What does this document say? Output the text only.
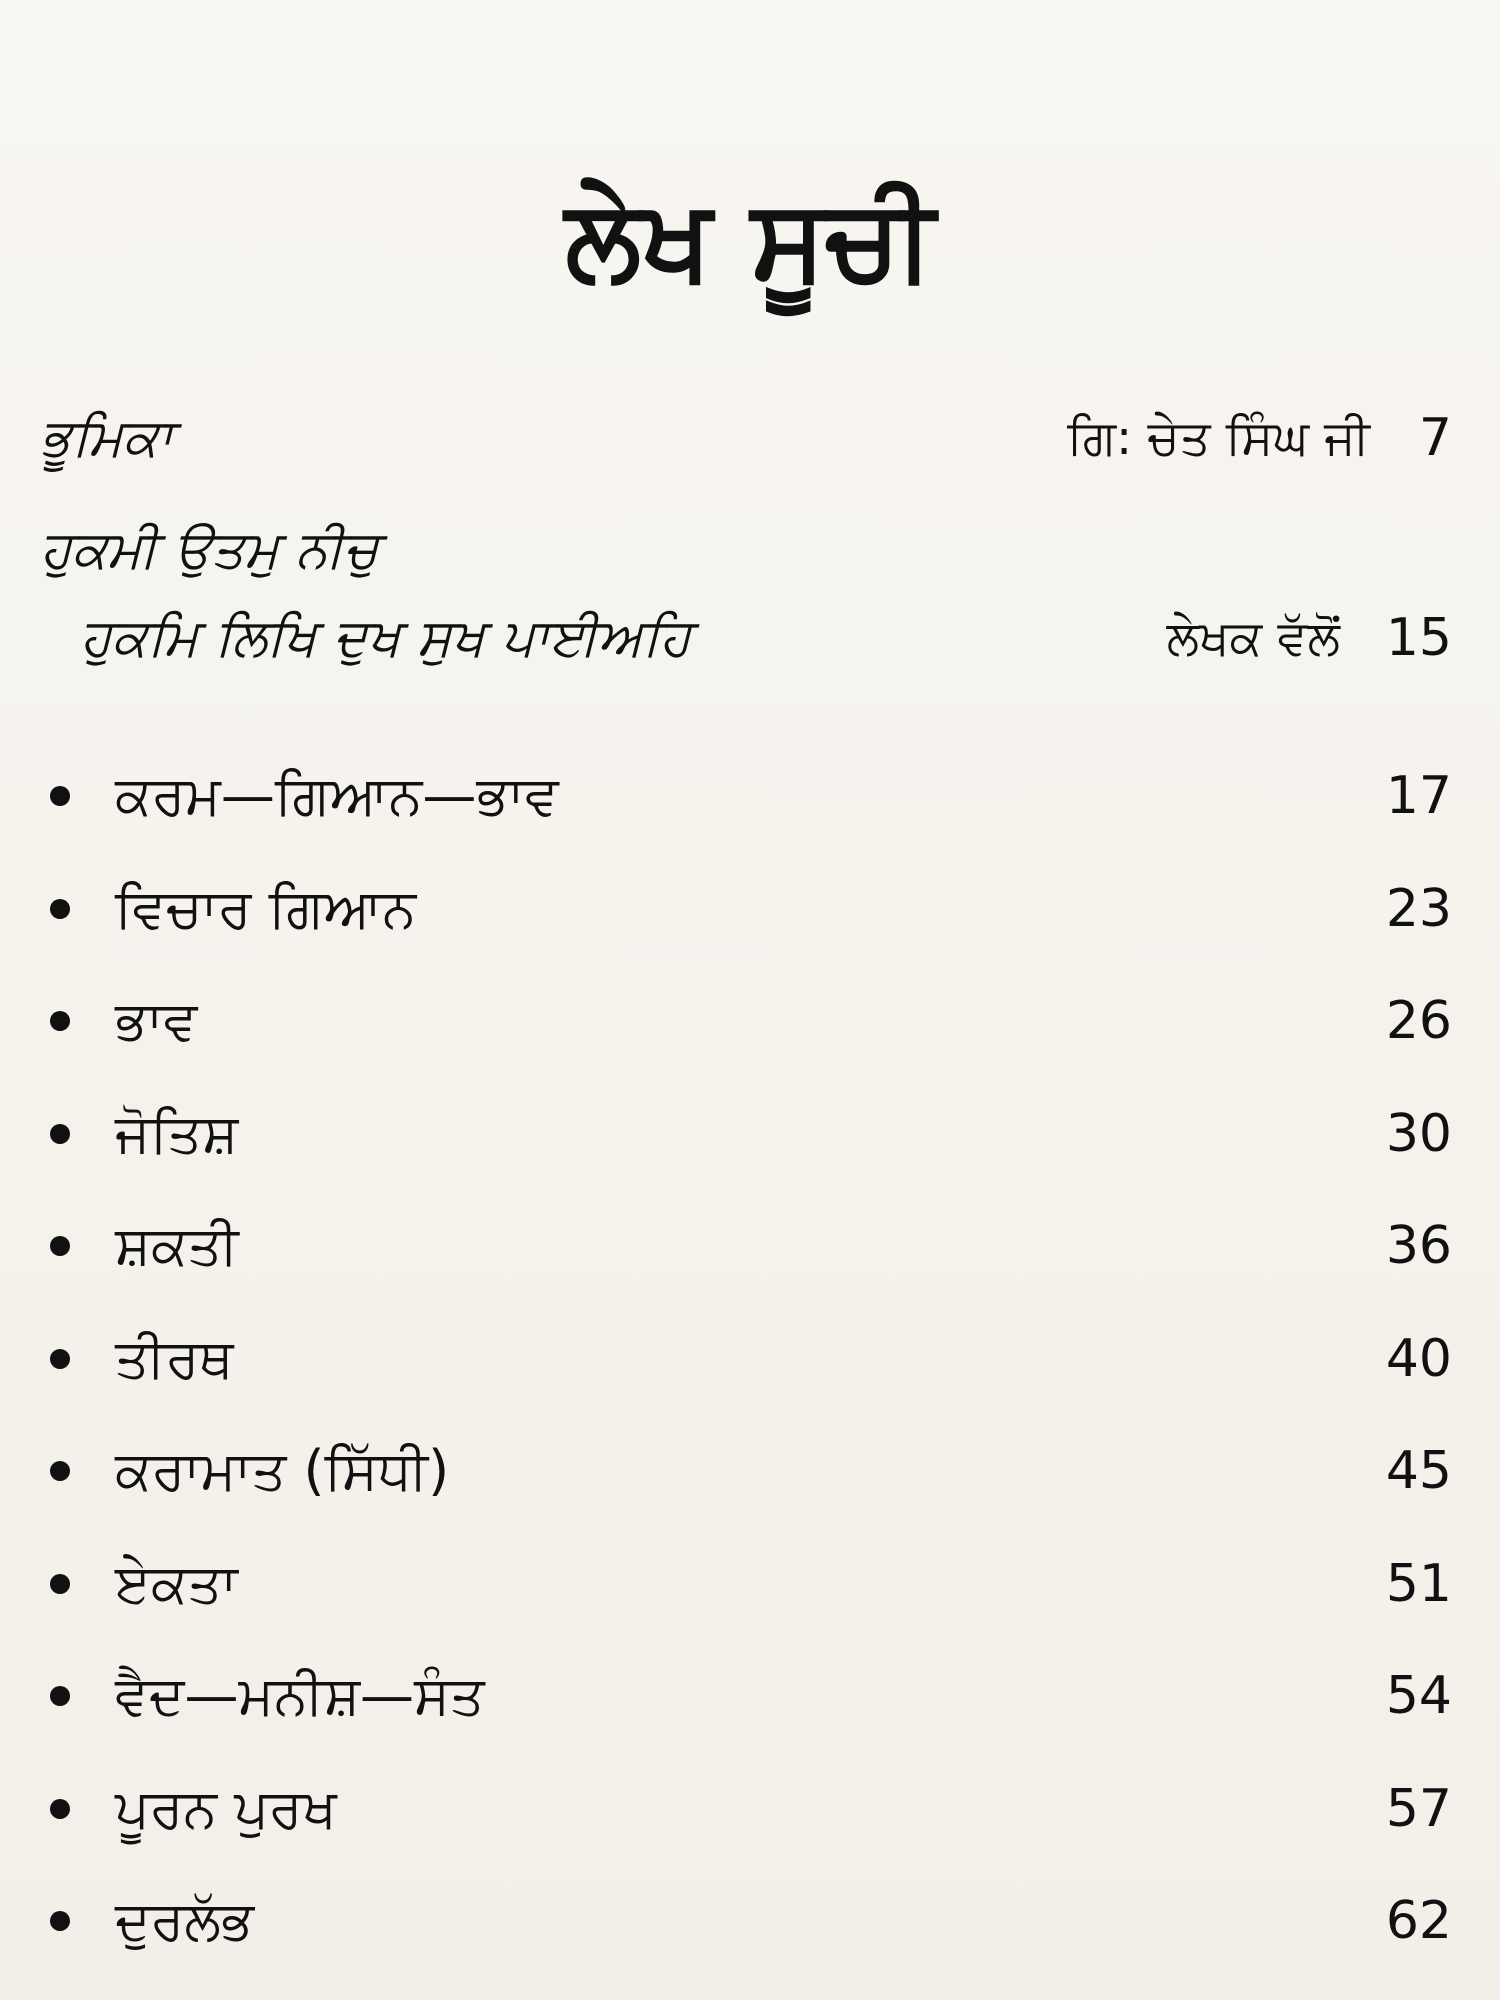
ਲੇਖ ਸੂਚੀ
ਭੂਮਿਕਾ	ਗਿ: ਚੇਤ ਸਿੰਘ ਜੀ 7
ਹੁਕਮੀ ਉਤਮੁ ਨੀਚੁ
ਹੁਕਮਿ ਲਿਖਿ ਦੁਖ ਸੁਖ ਪਾਈਅਹਿ	ਲੇਖਕ ਵੱਲੋਂ 15
ਕਰਮ—ਗਿਆਨ—ਭਾਵ	17
ਵਿਚਾਰ ਗਿਆਨ	23
ਭਾਵ	26
ਜੋਤਿਸ਼	30
ਸ਼ਕਤੀ	36
ਤੀਰਥ	40
ਕਰਾਮਾਤ (ਸਿੱਧੀ)	45
ਏਕਤਾ	51
ਵੈਦ—ਮਨੀਸ਼—ਸੰਤ	54
ਪੂਰਨ ਪੁਰਖ	57
ਦੁਰਲੱਭ	62
